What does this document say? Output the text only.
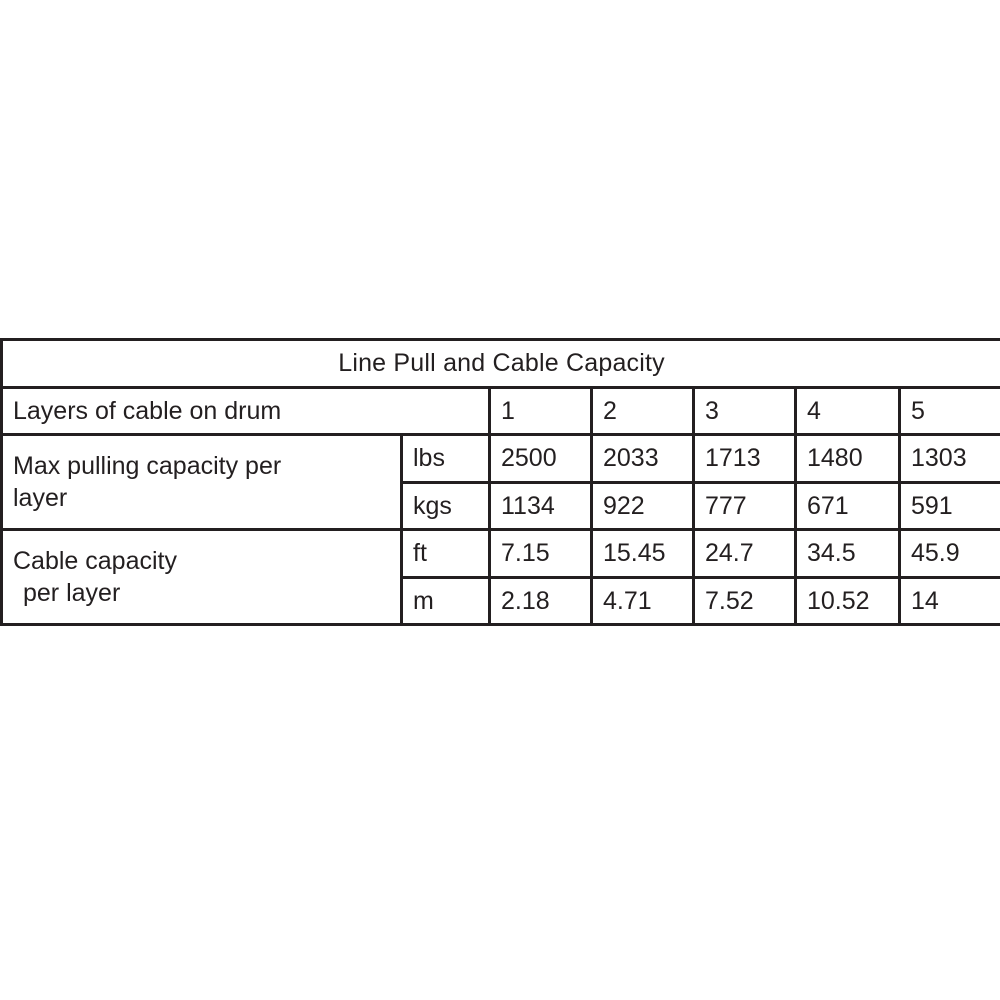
Line Pull and Cable Capacity						
Layers of cable on drum		1	2	3	4	5
Max pulling capacity per
layer	lbs	2500	2033	1713	1480	1303
	kgs	1134	922	777	671	591
Cable capacity
per layer	ft	7.15	15.45	24.7	34.5	45.9
	m	2.18	4.71	7.52	10.52	14
